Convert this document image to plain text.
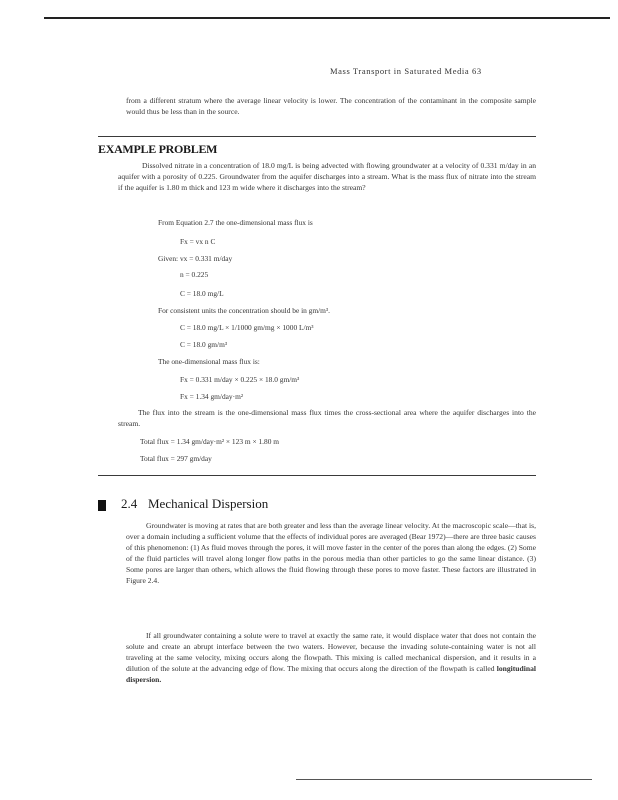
Mass Transport in Saturated Media 63
from a different stratum where the average linear velocity is lower. The concentration of the contaminant in the composite sample would thus be less than in the source.
EXAMPLE PROBLEM
Dissolved nitrate in a concentration of 18.0 mg/L is being advected with flowing groundwater at a velocity of 0.331 m/day in an aquifer with a porosity of 0.225. Groundwater from the aquifer discharges into a stream. What is the mass flux of nitrate into the stream if the aquifer is 1.80 m thick and 123 m wide where it discharges into the stream?
From Equation 2.7 the one-dimensional mass flux is
Fx = vx n C
Given: vx = 0.331 m/day
n = 0.225
C = 18.0 mg/L
For consistent units the concentration should be in gm/m³.
C = 18.0 mg/L × 1/1000 gm/mg × 1000 L/m³
C = 18.0 gm/m³
The one-dimensional mass flux is:
Fx = 0.331 m/day × 0.225 × 18.0 gm/m³
Fx = 1.34 gm/day·m²
The flux into the stream is the one-dimensional mass flux times the cross-sectional area where the aquifer discharges into the stream.
Total flux = 1.34 gm/day·m² × 123 m × 1.80 m
Total flux = 297 gm/day
2.4 Mechanical Dispersion
Groundwater is moving at rates that are both greater and less than the average linear velocity. At the macroscopic scale—that is, over a domain including a sufficient volume that the effects of individual pores are averaged (Bear 1972)—there are three basic causes of this phenomenon: (1) As fluid moves through the pores, it will move faster in the center of the pores than along the edges. (2) Some of the fluid particles will travel along longer flow paths in the porous media than other particles to go the same linear distance. (3) Some pores are larger than others, which allows the fluid flowing through these pores to move faster. These factors are illustrated in Figure 2.4.
If all groundwater containing a solute were to travel at exactly the same rate, it would displace water that does not contain the solute and create an abrupt interface between the two waters. However, because the invading solute-containing water is not all traveling at the same velocity, mixing occurs along the flowpath. This mixing is called mechanical dispersion, and it results in a dilution of the solute at the advancing edge of flow. The mixing that occurs along the direction of the flowpath is called longitudinal dispersion.
